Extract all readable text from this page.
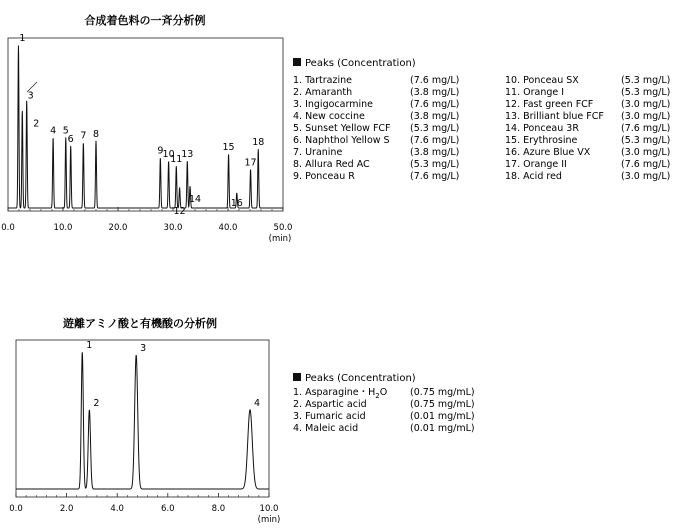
合成着色料の一斉分析例
0.0	10.0	20.0	30.0	40.0	50.0
1
2
3
4 5
6 7 8
9 10
11
12
13
14
15
16
17
18
(min)
Peaks (Concentration)
1. Tartrazine	(7.6 mg/L)
2. Amaranth	(3.8 mg/L)
3. Ingigocarmine	(7.6 mg/L)
4. New coccine	(3.8 mg/L)
5. Sunset Yellow FCF (5.3 mg/L)
6. Naphthol Yellow S (7.6 mg/L)
7. Uranine	(3.8 mg/L)
8. Allura Red AC	(5.3 mg/L)
9. Ponceau R	(7.6 mg/L)
10. Ponceau SX	(5.3 mg/L)
11. Orange I	(5.3 mg/L)
12. Fast green FCF	(3.0 mg/L)
13. Brilliant blue FCF (3.0 mg/L)
14. Ponceau 3R	(7.6 mg/L)
15. Erythrosine	(5.3 mg/L)
16. Azure Blue VX	(3.0 mg/L)
17. Orange II	(7.6 mg/L)
18. Acid red	(3.0 mg/L)
遊離アミノ酸と有機酸の分析例
0.0	2.0	4.0	6.0	8.0	10.0
1
2
3
4
(min)
Peaks (Concentration)
1. Asparagine・$H_2O$ (0.75 mg/mL)
2. Aspartic acid	(0.75 mg/mL)
3. Fumaric acid	(0.01 mg/mL)
4. Maleic acid	(0.01 mg/mL)
